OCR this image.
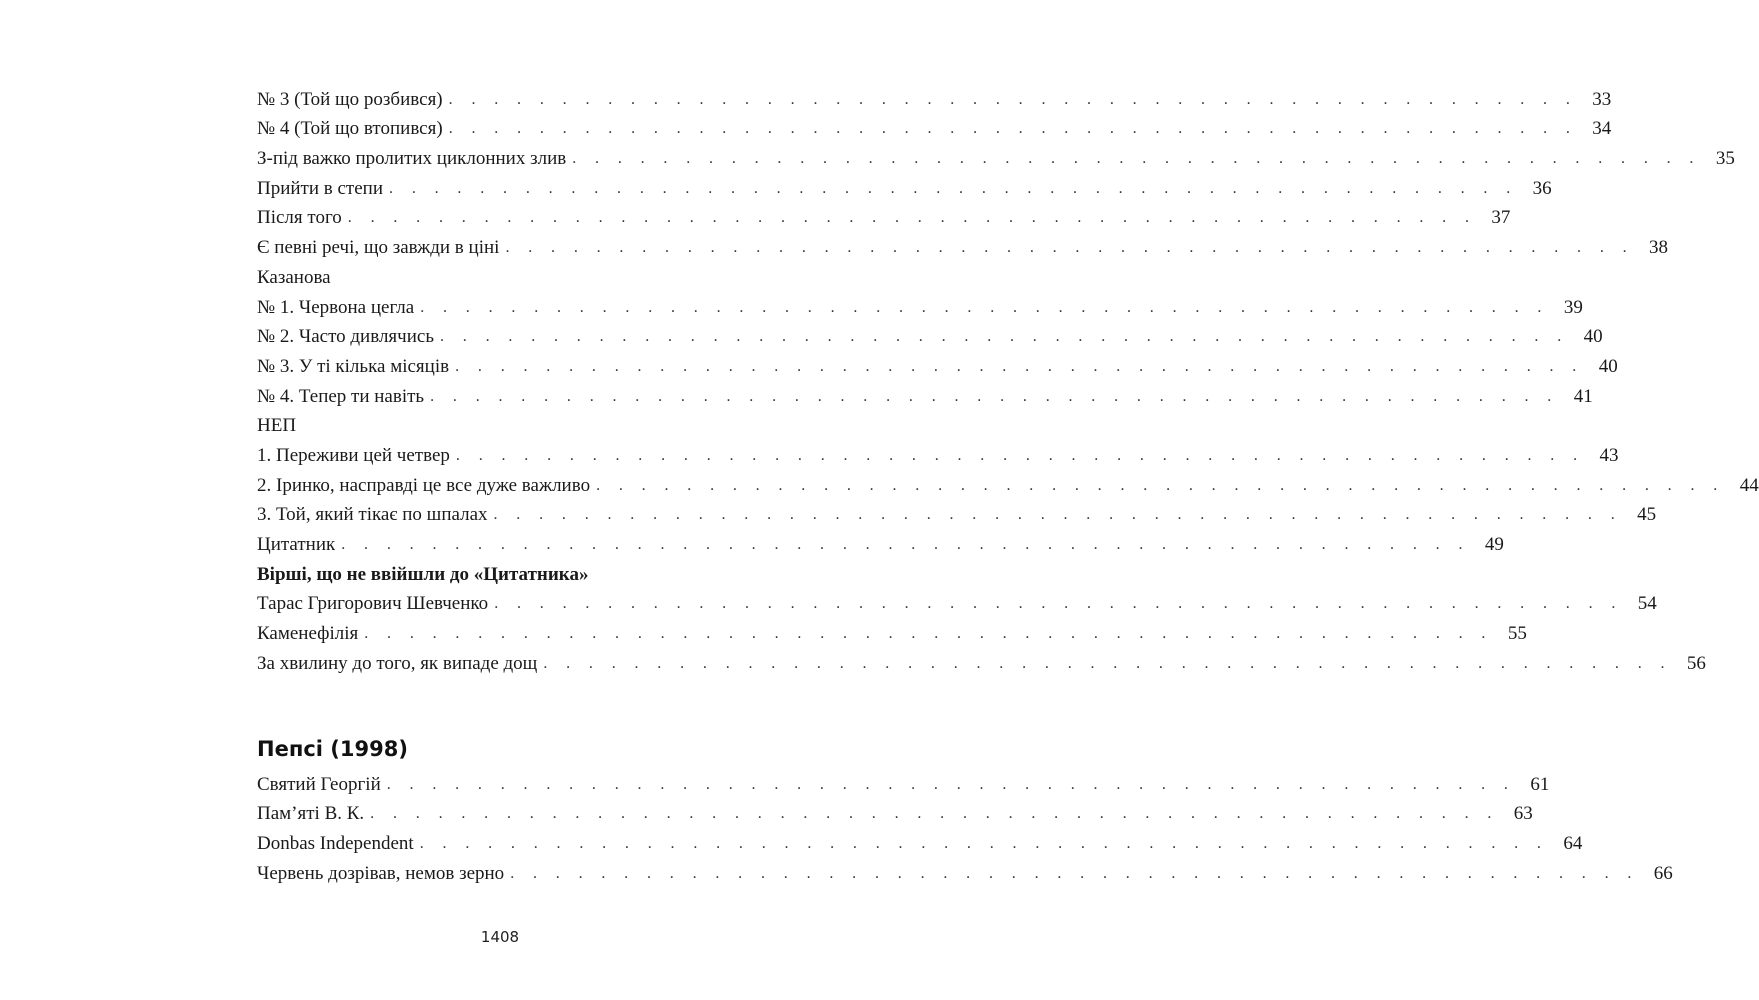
№ 3 (Той що розбився) . . . . . . . . . . . . . . . . . . . . . . . . . . . . . . . . . . . . . . . . . . . . . . . . . . 33
№ 4 (Той що втопився) . . . . . . . . . . . . . . . . . . . . . . . . . . . . . . . . . . . . . . . . . . . . . . . . . . 34
З-під важко пролитих циклонних злив . . . . . . . . . . . . . . . . . . . . . . . . . . . . . . . . . . . . . . . . . . . . . . . . . . 35
Прийти в степи . . . . . . . . . . . . . . . . . . . . . . . . . . . . . . . . . . . . . . . . . . . . . . . . . . 36
Після того . . . . . . . . . . . . . . . . . . . . . . . . . . . . . . . . . . . . . . . . . . . . . . . . . . 37
Є певні речі, що завжди в ціні . . . . . . . . . . . . . . . . . . . . . . . . . . . . . . . . . . . . . . . . . . . . . . . . . . 38
Казанова
№ 1. Червона цегла . . . . . . . . . . . . . . . . . . . . . . . . . . . . . . . . . . . . . . . . . . . . . . . . . . 39
№ 2. Часто дивлячись . . . . . . . . . . . . . . . . . . . . . . . . . . . . . . . . . . . . . . . . . . . . . . . . . . 40
№ 3. У ті кілька місяців . . . . . . . . . . . . . . . . . . . . . . . . . . . . . . . . . . . . . . . . . . . . . . . . . . 40
№ 4. Тепер ти навіть . . . . . . . . . . . . . . . . . . . . . . . . . . . . . . . . . . . . . . . . . . . . . . . . . . 41
НЕП
1. Переживи цей четвер . . . . . . . . . . . . . . . . . . . . . . . . . . . . . . . . . . . . . . . . . . . . . . . . . . 43
2. Іринко, насправді це все дуже важливо . . . . . . . . . . . . . . . . . . . . . . . . . . . . . . . . . . . . . . . . . . . . . . . . . . 44
3. Той, який тікає по шпалах . . . . . . . . . . . . . . . . . . . . . . . . . . . . . . . . . . . . . . . . . . . . . . . . . . 45
Цитатник . . . . . . . . . . . . . . . . . . . . . . . . . . . . . . . . . . . . . . . . . . . . . . . . . . 49
Вірші, що не ввійшли до «Цитатника»
Тарас Григорович Шевченко . . . . . . . . . . . . . . . . . . . . . . . . . . . . . . . . . . . . . . . . . . . . . . . . . . 54
Каменефілія . . . . . . . . . . . . . . . . . . . . . . . . . . . . . . . . . . . . . . . . . . . . . . . . . . 55
За хвилину до того, як випаде дощ . . . . . . . . . . . . . . . . . . . . . . . . . . . . . . . . . . . . . . . . . . . . . . . . . . 56
Пепсі (1998)
Святий Георгій . . . . . . . . . . . . . . . . . . . . . . . . . . . . . . . . . . . . . . . . . . . . . . . . . . 61
Пам’яті В. К. . . . . . . . . . . . . . . . . . . . . . . . . . . . . . . . . . . . . . . . . . . . . . . . . . . 63
Donbas Independent . . . . . . . . . . . . . . . . . . . . . . . . . . . . . . . . . . . . . . . . . . . . . . . . . . 64
Червень дозрівав, немов зерно . . . . . . . . . . . . . . . . . . . . . . . . . . . . . . . . . . . . . . . . . . . . . . . . . . 66
1408
